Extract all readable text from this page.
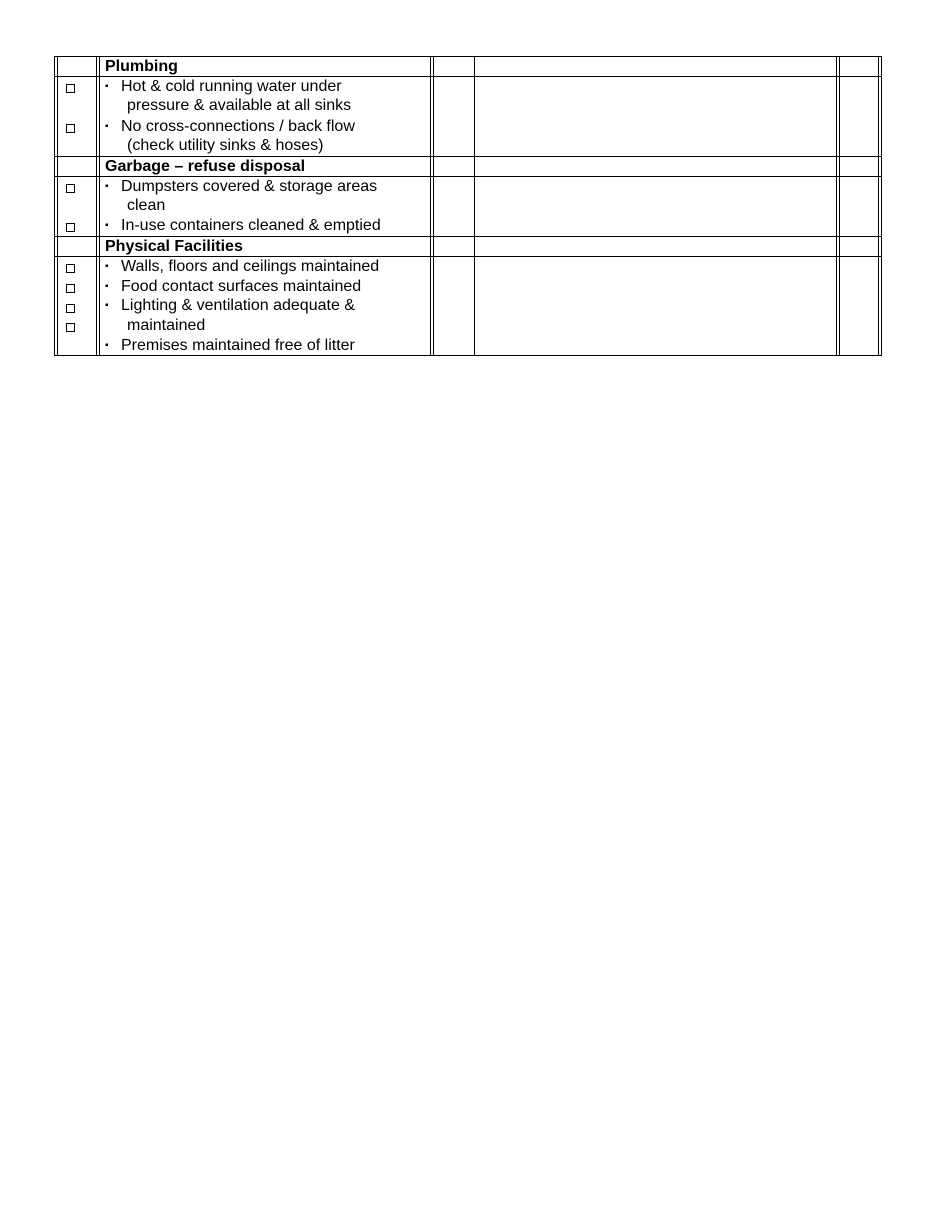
Plumbing
▪ Hot & cold running water under
pressure & available at all sinks
▪ No cross-connections / back flow
(check utility sinks & hoses)
Garbage – refuse disposal
▪ Dumpsters covered & storage areas
clean
▪ In-use containers cleaned & emptied
Physical Facilities
▪ Walls, floors and ceilings maintained
▪ Food contact surfaces maintained
▪ Lighting & ventilation adequate &
maintained
▪ Premises maintained free of litter
